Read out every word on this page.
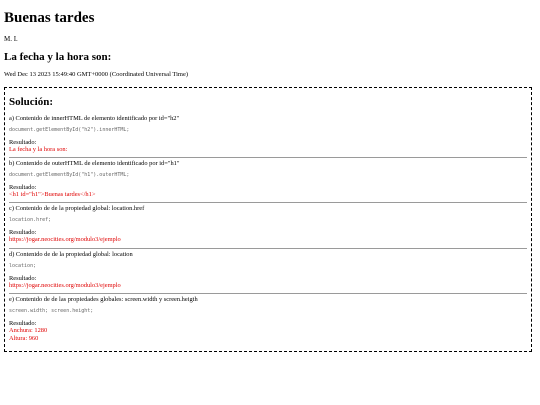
Buenas tardes

M. I.

La fecha y la hora son:

Wed Dec 13 2023 15:49:40 GMT+0000 (Coordinated Universal Time)

Solución:

a) Contenido de innerHTML de elemento identificado por id="h2"

document.getElementById("h2").innerHTML;

Resultado:

La fecha y la hora son:

b) Contenido de outerHTML de elemento identificado por id="h1"

document.getElementById("h1").outerHTML;

Resultado:

<h1 id="h1">Buenas tardes</h1>

c) Contenido de de la propiedad global: location.href

location.href;

Resultado:

https://jogar.neocities.org/modulo3/ejemplo

d) Contenido de de la propiedad global: location

location;

Resultado:

https://jogar.neocities.org/modulo3/ejemplo

e) Contenido de de las propiedades globales: screen.width y screen.heigth

screen.width; screen.height;

Resultado:

Anchura: 1280

Altura: 960
